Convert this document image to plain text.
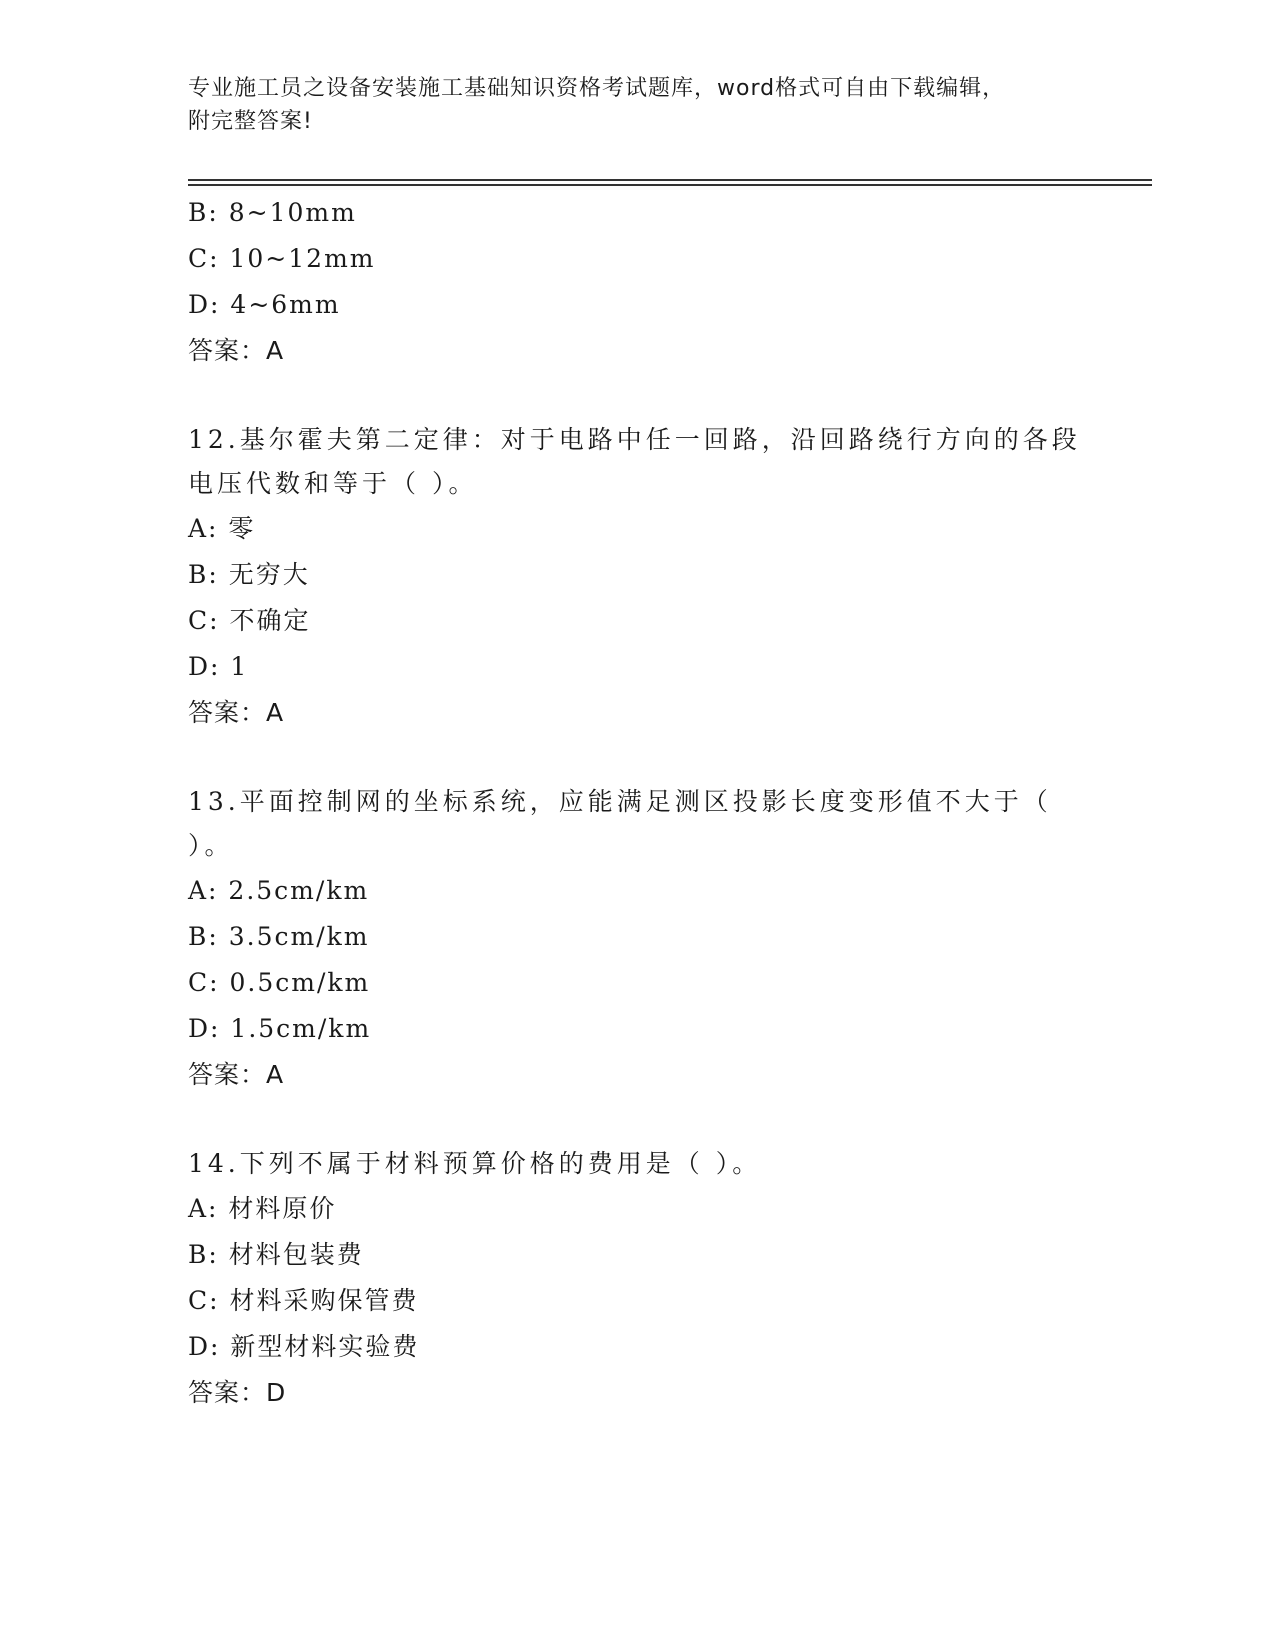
专业施工员之设备安装施工基础知识资格考试题库，word格式可自由下载编辑，
附完整答案!
B: 8~10mm
C: 10~12mm
D: 4~6mm
答案：A
12.基尔霍夫第二定律：对于电路中任一回路，沿回路绕行方向的各段
电压代数和等于（ ）。
A: 零
B: 无穷大
C: 不确定
D: 1
答案：A
13.平面控制网的坐标系统，应能满足测区投影长度变形值不大于（
）。
A: 2.5cm/km
B: 3.5cm/km
C: 0.5cm/km
D: 1.5cm/km
答案：A
14.下列不属于材料预算价格的费用是（ ）。
A: 材料原价
B: 材料包装费
C: 材料采购保管费
D: 新型材料实验费
答案：D
